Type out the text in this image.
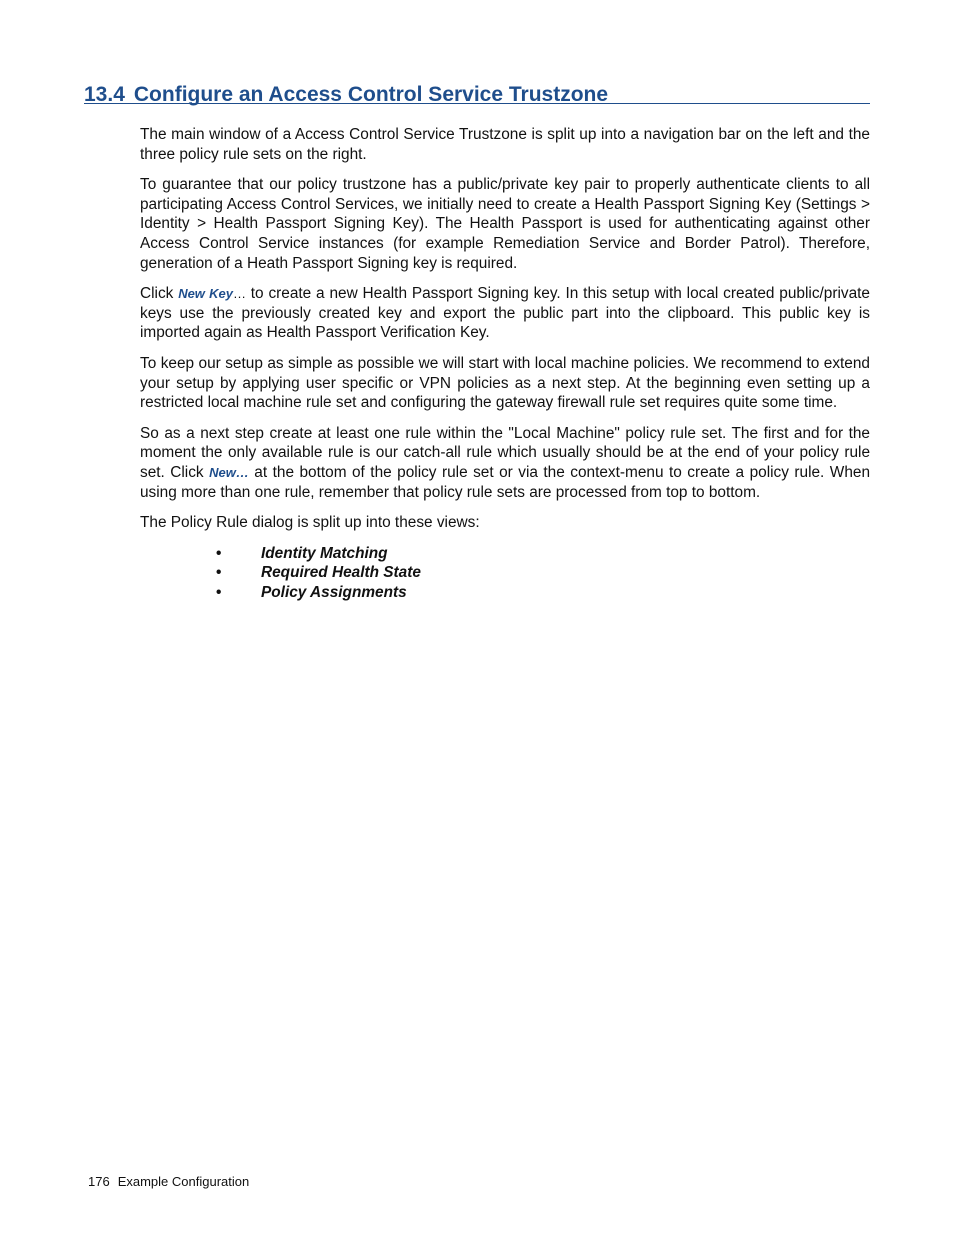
13.4 Configure an Access Control Service Trustzone

The main window of a Access Control Service Trustzone is split up into a navigation bar on the left and the three policy rule sets on the right.

To guarantee that our policy trustzone has a public/private key pair to properly authenticate clients to all participating Access Control Services, we initially need to create a Health Passport Signing Key (Settings > Identity > Health Passport Signing Key). The Health Passport is used for authenticating against other Access Control Service instances (for example Remediation Service and Border Patrol). Therefore, generation of a Heath Passport Signing key is required.

Click New Key… to create a new Health Passport Signing key. In this setup with local created public/private keys use the previously created key and export the public part into the clipboard. This public key is imported again as Health Passport Verification Key.

To keep our setup as simple as possible we will start with local machine policies. We recommend to extend your setup by applying user specific or VPN policies as a next step. At the beginning even setting up a restricted local machine rule set and configuring the gateway firewall rule set requires quite some time.

So as a next step create at least one rule within the "Local Machine" policy rule set. The first and for the moment the only available rule is our catch-all rule which usually should be at the end of your policy rule set. Click New… at the bottom of the policy rule set or via the context-menu to create a policy rule. When using more than one rule, remember that policy rule sets are processed from top to bottom.

The Policy Rule dialog is split up into these views:

•	Identity Matching
•	Required Health State
•	Policy Assignments
176 Example Configuration
